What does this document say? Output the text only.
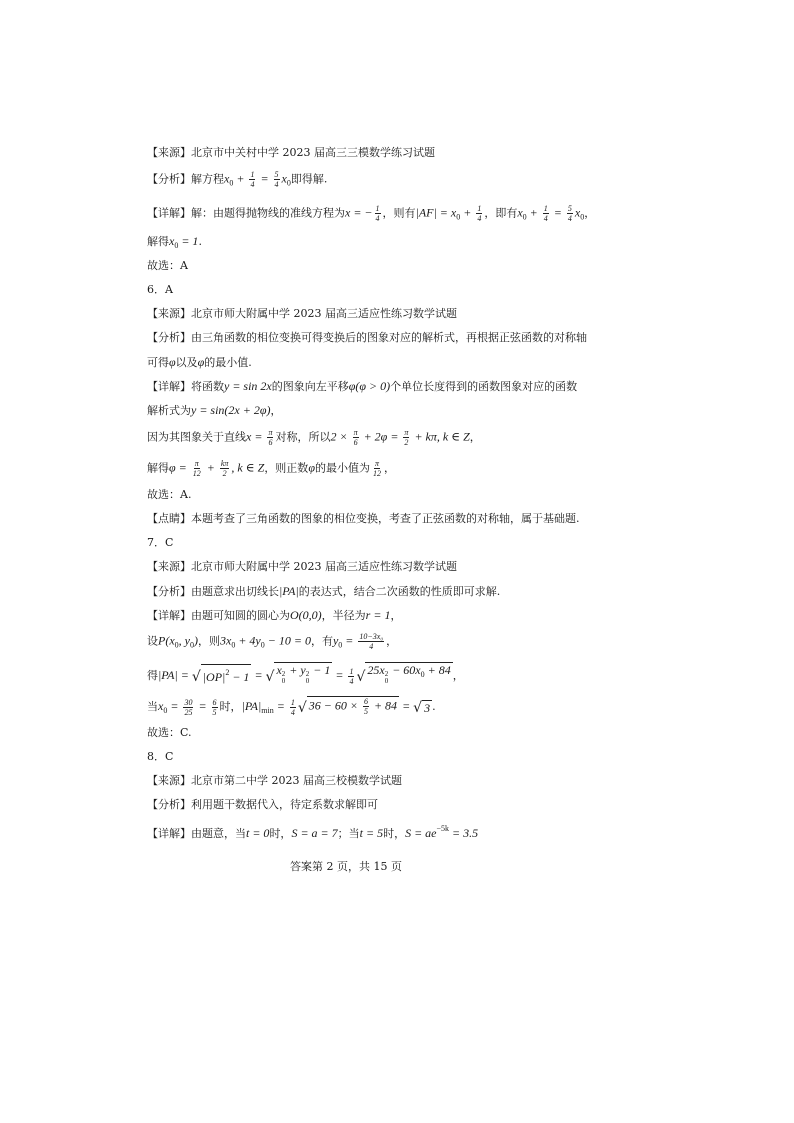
【来源】北京市中关村中学 2023 届高三三模数学练习试题
【分析】解方程$x_0 + \frac{1}{4} = \frac{5}{4} x_0$即得解.
【详解】解：由题得抛物线的准线方程为x = − $\frac{1}{4}$ ，则有$|AF| = x_0 + \frac{1}{4}$ ，即有$x_0 + \frac{1}{4} = \frac{5}{4} x_0$，
解得$x_0 = 1$.
故选：A
6．A
【来源】北京市师大附属中学 2023 届高三适应性练习数学试题
【分析】由三角函数的相位变换可得变换后的图象对应的解析式，再根据正弦函数的对称轴
可得φ以及φ的最小值.
【详解】将函数y = sin 2x的图象向左平移φ(φ > 0)个单位长度得到的函数图象对应的函数
解析式为y = sin(2x + 2φ)，
因为其图象关于直线$x = \frac{\pi}{6}$ 对称，所以$2 \times \frac{\pi}{6} + 2\varphi = \frac{\pi}{2} + k\pi$, k ∈ Z，
解得$\varphi = \frac{\pi}{12} + \frac{k\pi}{2}$ , k ∈ Z，则正数φ的最小值为 $\frac{\pi}{12}$ ，
故选：A.
【点睛】本题考查了三角函数的图象的相位变换，考查了正弦函数的对称轴，属于基础题.
7．C
【来源】北京市师大附属中学 2023 届高三适应性练习数学试题
【分析】由题意求出切线长|PA|的表达式，结合二次函数的性质即可求解.
【详解】由题可知圆的圆心为O(0,0)，半径为r = 1，
设$P(x_0$, $y_0$)，则$3x_0 + 4y_0 - 10 = 0$，有$y_0 = \frac{\text{10−3x₀}}{4}$ ，
得|PA| = √ $|OP|^2 - 1$ = √ x 2
0
+ y 2
0
− $1 = \frac{1}{4}$ √ 25x 2
0
− $60x_0 + 84$ ，
当$x_0 = \frac{30}{25} = \frac{6}{5}$ 时，$|PA|_{min} = \frac{1}{4}$ √ $36 - 60 \times \frac{6}{5} + 84$ = √ 3 .
故选：C.
8．C
【来源】北京市第二中学 2023 届高三校模数学试题
【分析】利用题干数据代入，待定系数求解即可
【详解】由题意，当t = 0时，S = a = 7；当t = 5时，$S = ae^{-5k} = 3.5$
答案第 2 页，共 15 页
